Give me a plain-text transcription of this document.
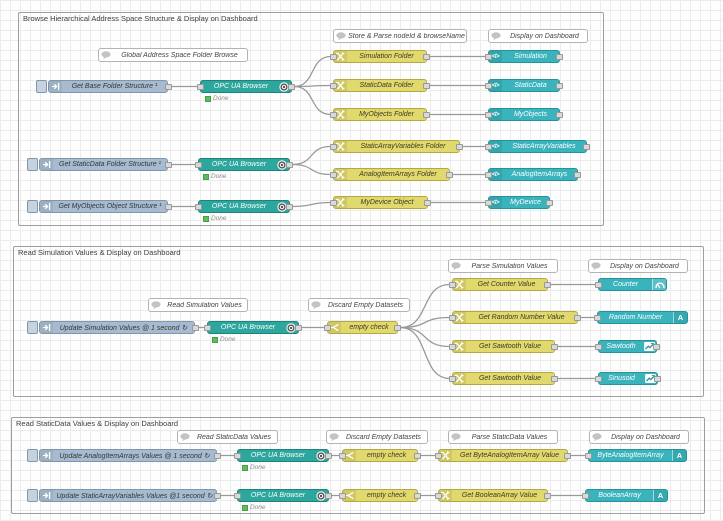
Browse Hierarchical Address Space Structure & Display on Dashboard
Read Simulation Values & Display on Dashboard
Read StaticData Values & Display on Dashboard
Global Address Space Folder Browse
Store & Parse nodeId & browseName	Display on Dashboard
Get Base Folder Structure ¹	OPC UA Browser
Done
Simulation Folder
StaticData Folder
MyObjects Folder
</>	Simulation
</>	StaticData
</>	MyObjects
Get StaticData Folder Structure ¹	OPC UA Browser
Done
StaticArrayVariables Folder
AnalogItemArrays Folder
</>	StaticArrayVariables
</>	AnalogItemArrays
Get MyObjects Object Structure ¹	OPC UA Browser
Done
MyDevice Object	</>	MyDevice
Read Simulation Values	Discard Empty Datasets
Parse Simulation Values	Display on Dashboard
Update Simulation Values @ 1 second ↻	OPC UA Browser
Done
empty check
Get Counter Value
Get Random Number Value
Get Sawtooth Value
Get Sawtooth Value
Counter
Random Number	A
Sawtooth
Sinusoid
Read StaticData Values	Discard Empty Datasets	Parse StaticData Values	Display on Dashboard
Update AnalogItemArrays Values @ 1 second ↻	OPC UA Browser
Done
empty check	Get ByteAnalogItemArray Value	ByteAnalogItemArray	A
Update StaticArrayVariables Values @1 second ↻	OPC UA Browser
Done
empty check	Get BooleanArray Value	BooleanArray	A
